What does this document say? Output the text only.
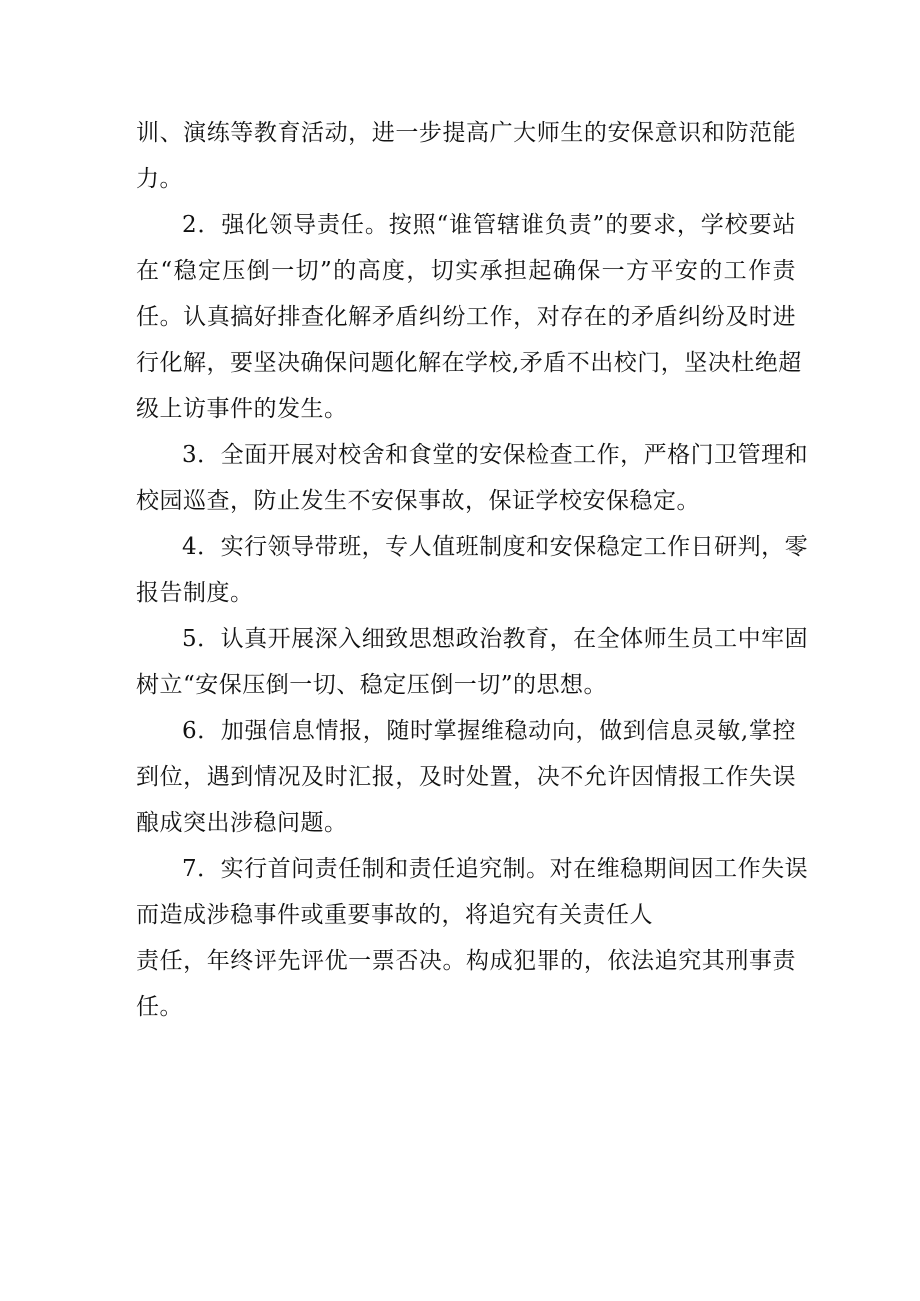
训、演练等教育活动，进一步提高广大师生的安保意识和防范能
力。
2．强化领导责任。按照“谁管辖谁负责”的要求，学校要站
在“稳定压倒一切”的高度，切实承担起确保一方平安的工作责
任。认真搞好排查化解矛盾纠纷工作，对存在的矛盾纠纷及时进
行化解，要坚决确保问题化解在学校,矛盾不出校门，坚决杜绝超
级上访事件的发生。
3．全面开展对校舍和食堂的安保检查工作，严格门卫管理和
校园巡查，防止发生不安保事故，保证学校安保稳定。
4．实行领导带班，专人值班制度和安保稳定工作日研判，零
报告制度。
5．认真开展深入细致思想政治教育，在全体师生员工中牢固
树立“安保压倒一切、稳定压倒一切”的思想。
6．加强信息情报，随时掌握维稳动向，做到信息灵敏,掌控
到位，遇到情况及时汇报，及时处置，决不允许因情报工作失误
酿成突出涉稳问题。
7．实行首问责任制和责任追究制。对在维稳期间因工作失误
而造成涉稳事件或重要事故的，将追究有关责任人
责任，年终评先评优一票否决。构成犯罪的，依法追究其刑事责
任。
